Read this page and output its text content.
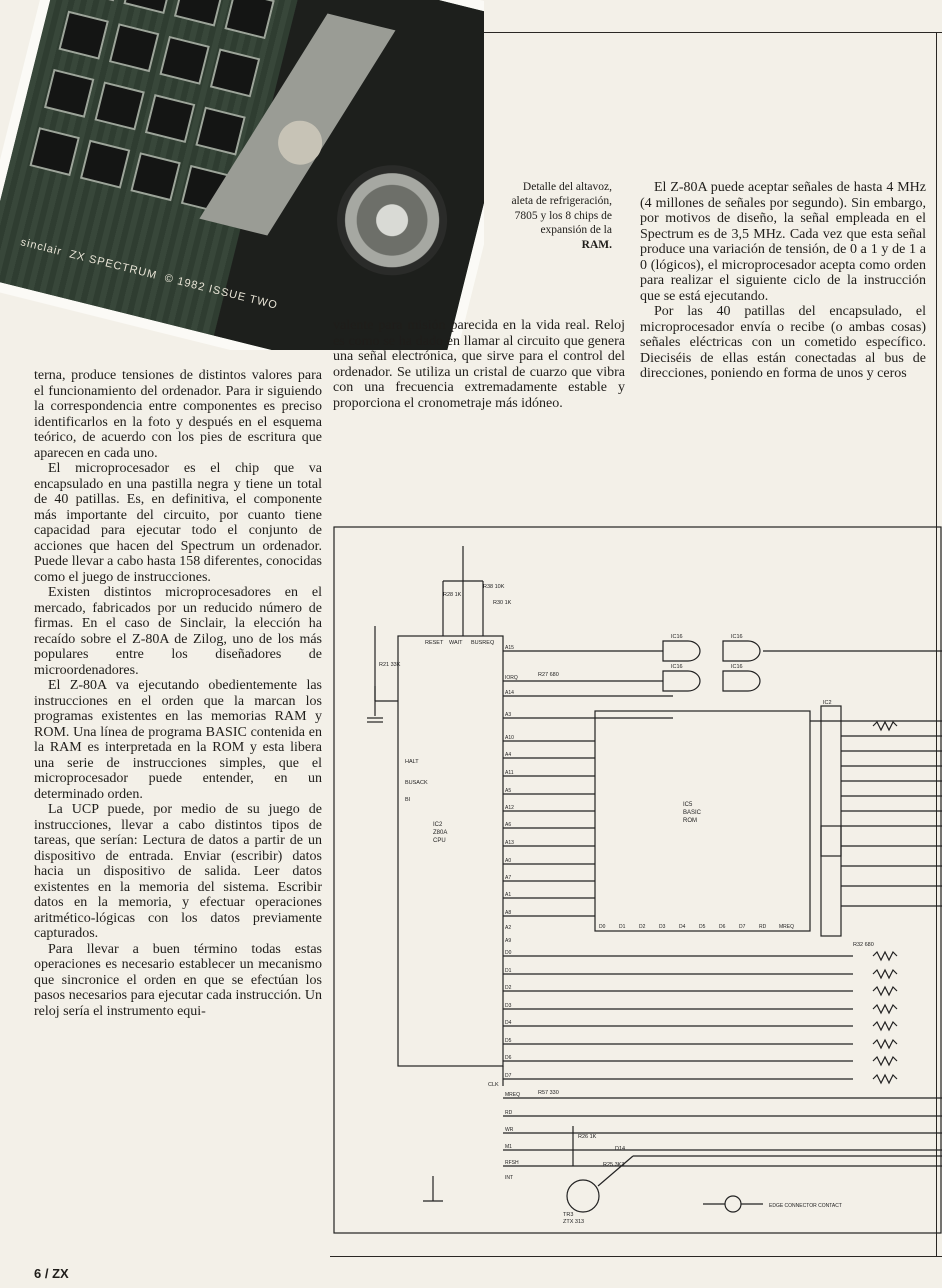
sinclair  ZX SPECTRUM  © 1982 ISSUE TWO
Detalle del altavoz,
aleta de refrigeración,
7805 y los 8 chips de
expansión de la
RAM.

terna, produce tensiones de distintos valores para el funcionamiento del ordenador. Para ir siguiendo la correspondencia entre componentes es preciso identificarlos en la foto y después en el esquema teórico, de acuerdo con los pies de escritura que aparecen en cada uno.

El microprocesador es el chip que va encapsulado en una pastilla negra y tiene un total de 40 patillas. Es, en definitiva, el componente más importante del circuito, por cuanto tiene capacidad para ejecutar todo el conjunto de acciones que hacen del Spectrum un ordenador. Puede llevar a cabo hasta 158 diferentes, conocidas como el juego de instrucciones.

Existen distintos microprocesadores en el mercado, fabricados por un reducido número de firmas. En el caso de Sinclair, la elección ha recaído sobre el Z-80A de Zilog, uno de los más populares entre los diseñadores de microordenadores.

El Z-80A va ejecutando obedientemente las instrucciones en el orden que la marcan los programas existentes en las memorias RAM y ROM. Una línea de programa BASIC contenida en la RAM es interpretada en la ROM y esta libera una serie de instrucciones simples, que el microprocesador puede entender, en un determinado orden.

La UCP puede, por medio de su juego de instrucciones, llevar a cabo distintos tipos de tareas, que serían: Lectura de datos a partir de un dispositivo de entrada. Enviar (escribir) datos hacia un dispositivo de salida. Leer datos existentes en la memoria del sistema. Escribir datos en la memoria, y efectuar operaciones aritmético-lógicas con los datos previamente capturados.

Para llevar a buen término todas estas operaciones es necesario establecer un mecanismo que sincronice el orden en que se efectúan los pasos necesarios para ejecutar cada instrucción. Un reloj sería el instrumento equi-

valente para misión parecida en la vida real. Reloj es como se ha dado en llamar al circuito que genera una señal electrónica, que sirve para el control del ordenador. Se utiliza un cristal de cuarzo que vibra con una frecuencia extremadamente estable y proporciona el cronometraje más idóneo.

El Z-80A puede aceptar señales de hasta 4 MHz (4 millones de señales por segundo). Sin embargo, por motivos de diseño, la señal empleada en el Spectrum es de 3,5 MHz. Cada vez que esta señal produce una variación de tensión, de 0 a 1 y de 1 a 0 (lógicos), el microprocesador acepta como orden para realizar el siguiente ciclo de la instrucción que se está ejecutando.

Por las 40 patillas del encapsulado, el microprocesador envía o recibe (o ambas cosas) señales eléctricas con un cometido específico. Dieciséis de ellas están conectadas al bus de direcciones, poniendo en forma de unos y ceros

IC2
Z80A
CPU
IC5
BASIC
ROM
HALT
BUSACK
BI
RESET WAIT BUSREQ
CLK
TR3
ZTX 313
D14
EDGE CONNECTOR CONTACT
R38 10K
R28 1K
R30 1K
R21 33K
R27 680
R57 330
R26 1K
R25 3K3
R32 680
IC16	IC16
IC16	IC16
IC2
A15
IORQ
A14
A3
A10
A4
A11
A5
A12
A6
A13
A0
A7
A1
A8
A2
A9
D0
D1
D2
D3
D4
D5
D6
D7
MREQ
RD
WR
M1
RFSH
INT
D0	D1	D2	D3	D4	D5	D6	D7	RD	MREQ
6 / ZX
